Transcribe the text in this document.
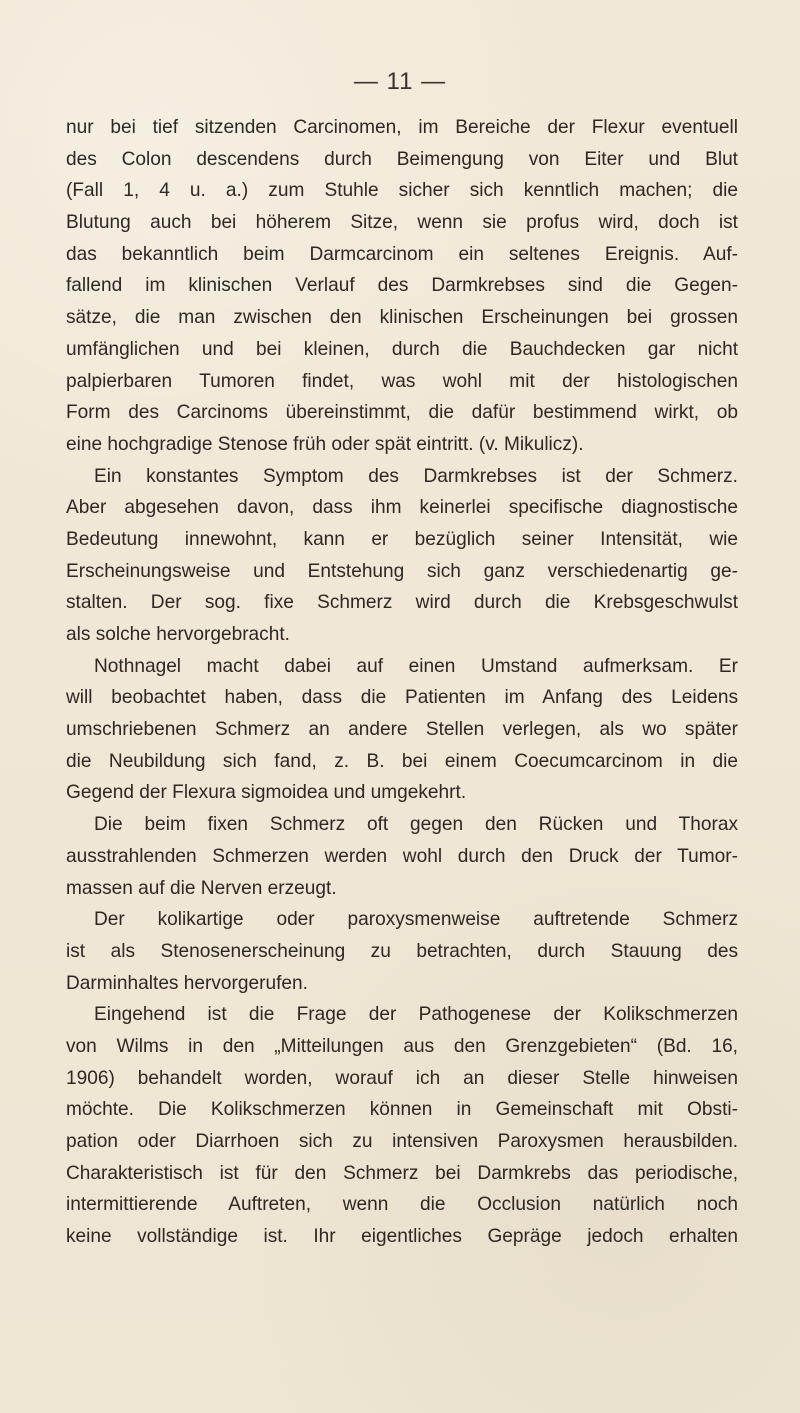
— 11 —
nur bei tief sitzenden Carcinomen, im Bereiche der Flexur eventuell
des Colon descendens durch Beimengung von Eiter und Blut
(Fall 1, 4 u. a.) zum Stuhle sicher sich kenntlich machen; die
Blutung auch bei höherem Sitze, wenn sie profus wird, doch ist
das bekanntlich beim Darmcarcinom ein seltenes Ereignis. Auf-
fallend im klinischen Verlauf des Darmkrebses sind die Gegen-
sätze, die man zwischen den klinischen Erscheinungen bei grossen
umfänglichen und bei kleinen, durch die Bauchdecken gar nicht
palpierbaren Tumoren findet, was wohl mit der histologischen
Form des Carcinoms übereinstimmt, die dafür bestimmend wirkt, ob
eine hochgradige Stenose früh oder spät eintritt. (v. Mikulicz).
Ein konstantes Symptom des Darmkrebses ist der Schmerz.
Aber abgesehen davon, dass ihm keinerlei specifische diagnostische
Bedeutung innewohnt, kann er bezüglich seiner Intensität, wie
Erscheinungsweise und Entstehung sich ganz verschiedenartig ge-
stalten. Der sog. fixe Schmerz wird durch die Krebsgeschwulst
als solche hervorgebracht.
Nothnagel macht dabei auf einen Umstand aufmerksam. Er
will beobachtet haben, dass die Patienten im Anfang des Leidens
umschriebenen Schmerz an andere Stellen verlegen, als wo später
die Neubildung sich fand, z. B. bei einem Coecumcarcinom in die
Gegend der Flexura sigmoidea und umgekehrt.
Die beim fixen Schmerz oft gegen den Rücken und Thorax
ausstrahlenden Schmerzen werden wohl durch den Druck der Tumor-
massen auf die Nerven erzeugt.
Der kolikartige oder paroxysmenweise auftretende Schmerz
ist als Stenosenerscheinung zu betrachten, durch Stauung des
Darminhaltes hervorgerufen.
Eingehend ist die Frage der Pathogenese der Kolikschmerzen
von Wilms in den „Mitteilungen aus den Grenzgebieten“ (Bd. 16,
1906) behandelt worden, worauf ich an dieser Stelle hinweisen
möchte. Die Kolikschmerzen können in Gemeinschaft mit Obsti-
pation oder Diarrhoen sich zu intensiven Paroxysmen herausbilden.
Charakteristisch ist für den Schmerz bei Darmkrebs das periodische,
intermittierende Auftreten, wenn die Occlusion natürlich noch
keine vollständige ist. Ihr eigentliches Gepräge jedoch erhalten
